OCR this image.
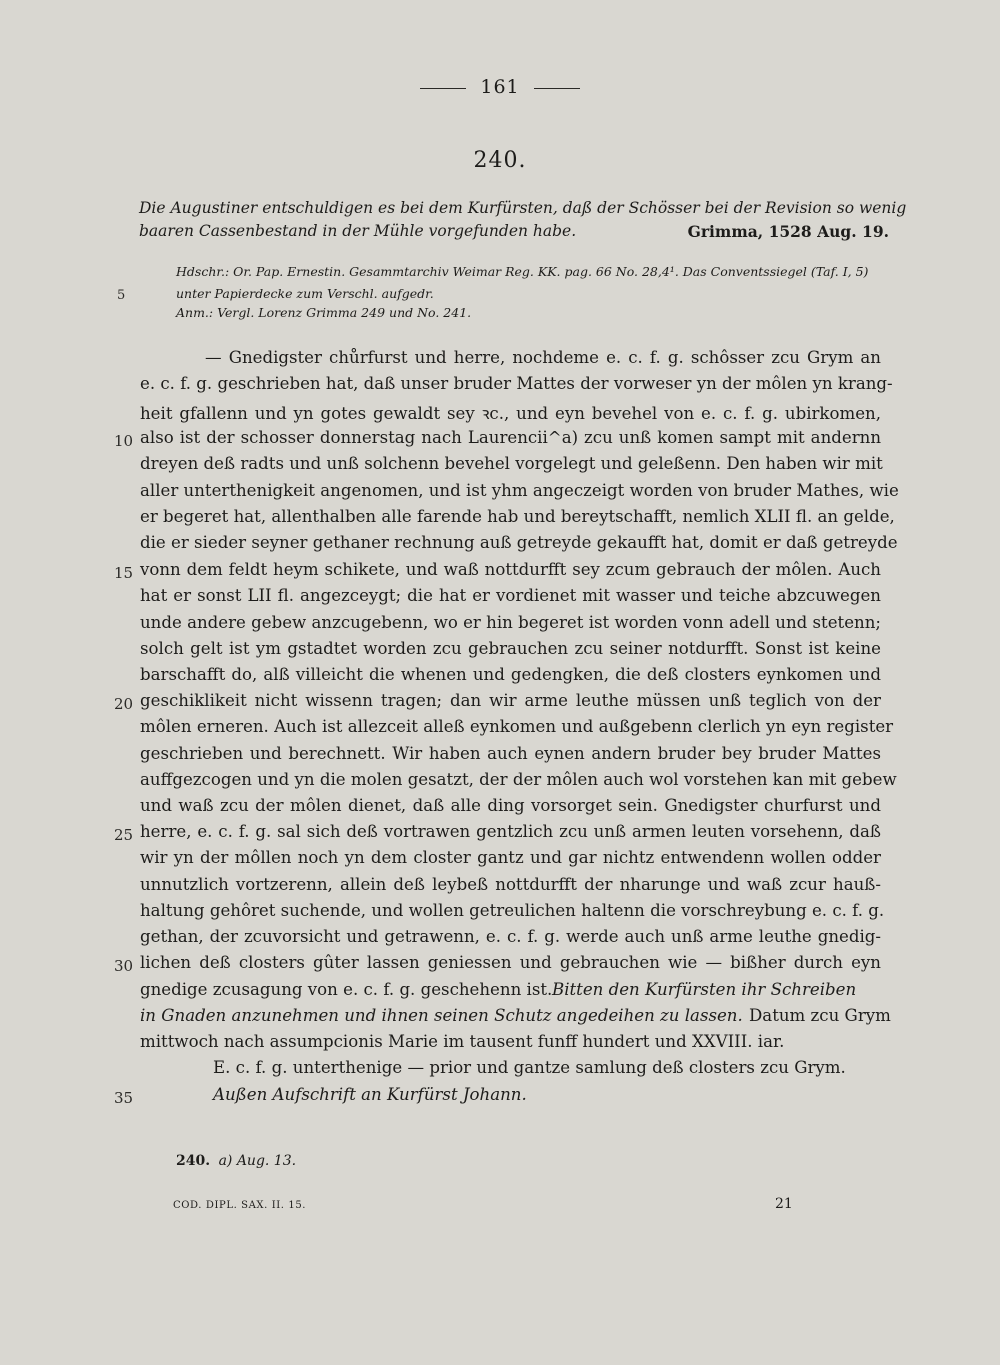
161
240.
Die Augustiner entschuldigen es bei dem Kurfürsten, daß der Schösser bei der Revision so wenig
baaren Cassenbestand in der Mühle vorgefunden habe.	Grimma, 1528 Aug. 19.
Hdschr.: Or. Pap. Ernestin. Gesammtarchiv Weimar Reg. KK. pag. 66 No. 28,4¹. Das Conventssiegel (Taf. I, 5)
unter Papierdecke zum Verschl. aufgedr.
Anm.: Vergl. Lorenz Grimma 249 und No. 241.
5
— Gnedigster chůrfurst und herre, nochdeme e. c. f. g. schôsser zcu Grym an
e. c. f. g. geschrieben hat, daß unser bruder Mattes der vorweser yn der môlen yn krang-
heit gfallenn und yn gotes gewaldt sey ꝛc., und eyn bevehel von e. c. f. g. ubirkomen,
also ist der schosser donnerstag nach Laurencii^a) zcu unß komen sampt mit andernn
dreyen deß radts und unß solchenn bevehel vorgelegt und geleßenn. Den haben wir mit
aller unterthenigkeit angenomen, und ist yhm angeczeigt worden von bruder Mathes, wie
er begeret hat, allenthalben alle farende hab und bereytschafft, nemlich XLII fl. an gelde,
die er sieder seyner gethaner rechnung auß getreyde gekaufft hat, domit er daß getreyde
vonn dem feldt heym schikete, und waß nottdurfft sey zcum gebrauch der môlen. Auch
hat er sonst LII fl. angezceygt; die hat er vordienet mit wasser und teiche abzcuwegen
unde andere gebew anzcugebenn, wo er hin begeret ist worden vonn adell und stetenn;
solch gelt ist ym gstadtet worden zcu gebrauchen zcu seiner notdurfft. Sonst ist keine
barschafft do, alß villeicht die whenen und gedengken, die deß closters eynkomen und
geschiklikeit nicht wissenn tragen; dan wir arme leuthe müssen unß teglich von der
môlen erneren. Auch ist allezceit alleß eynkomen und außgebenn clerlich yn eyn register
geschrieben und berechnett. Wir haben auch eynen andern bruder bey bruder Mattes
auffgezcogen und yn die molen gesatzt, der der môlen auch wol vorstehen kan mit gebew
und waß zcu der môlen dienet, daß alle ding vorsorget sein. Gnedigster churfurst und
herre, e. c. f. g. sal sich deß vortrawen gentzlich zcu unß armen leuten vorsehenn, daß
wir yn der môllen noch yn dem closter gantz und gar nichtz entwendenn wollen odder
unnutzlich vortzerenn, allein deß leybeß nottdurfft der nharunge und waß zcur hauß-
haltung gehôret suchende, und wollen getreulichen haltenn die vorschreybung e. c. f. g.
gethan, der zcuvorsicht und getrawenn, e. c. f. g. werde auch unß arme leuthe gnedig-
lichen deß closters gûter lassen geniessen und gebrauchen wie — bißher durch eyn
gnedige zcusagung von e. c. f. g. geschehenn ist. Bitten den Kurfürsten ihr Schreiben
in Gnaden anzunehmen und ihnen seinen Schutz angedeihen zu lassen. Datum zcu Grym
mittwoch nach assumpcionis Marie im tausent funff hundert und XXVIII. iar.
E. c. f. g. unterthenige — prior und gantze samlung deß closters zcu Grym.
Außen Aufschrift an Kurfürst Johann.
10
15
20
25
30
35
240. a) Aug. 13.
COD. DIPL. SAX. II. 15.	21
